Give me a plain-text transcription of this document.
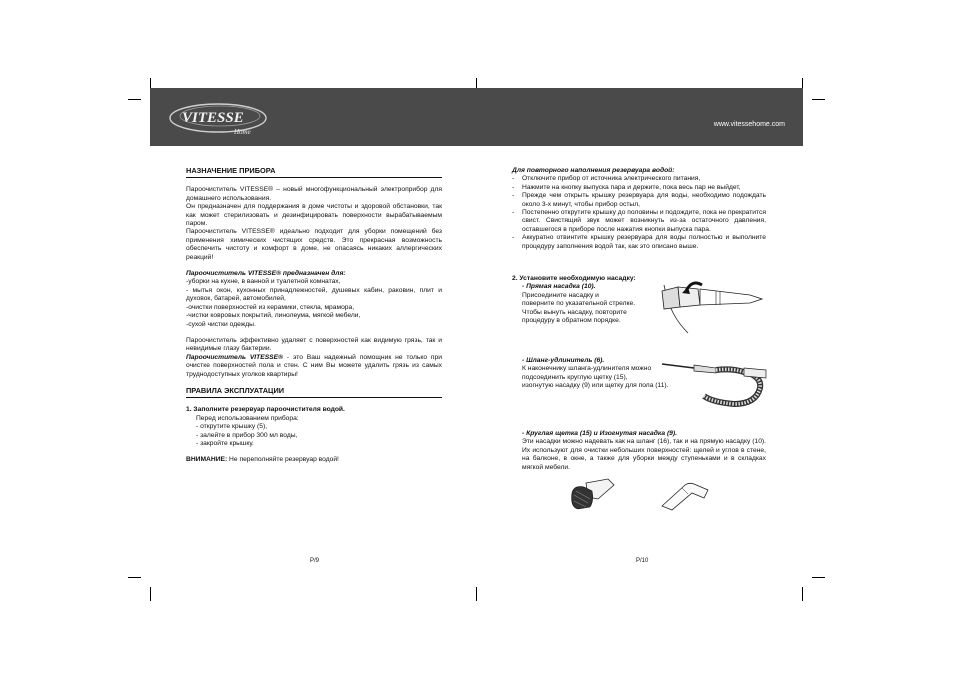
VITESSE
Home
www.vitessehome.com

НАЗНАЧЕНИЕ ПРИБОРА

Пароочиститель VITESSE® – новый многофункциональный электроприбор для домашнего использования.

Он предназначен для поддержания в доме чистоты и здоровой обстановки, так как может стерилизовать и дезинфицировать поверхности вырабатываемым паром.

Пароочиститель VITESSE® идеально подходит для уборки помещений без применения химических чистящих средств. Это прекрасная возможность обеспечить чистоту и комфорт в доме, не опасаясь никаких аллергических реакций!

Пароочиститель VITESSE® предназначен для:

-уборки на кухне, в ванной и туалетной комнатах,

- мытья окон, кухонных принадлежностей, душевых кабин, раковин, плит и духовок, батарей, автомобилей,

-очистки поверхностей из керамики, стекла, мрамора,

-чистки ковровых покрытий, линолеума, мягкой мебели,

-сухой чистки одежды.

Пароочиститель эффективно удаляет с поверхностей как видимую грязь, так и невидимые глазу бактерии.

Пароочиститель VITESSE® - это Ваш надежный помощник не только при очистке поверхностей пола и стен. С ним Вы можете удалить грязь из самых труднодоступных уголков квартиры!

ПРАВИЛА ЭКСПЛУАТАЦИИ

1. Заполните резервуар пароочистителя водой.

Перед использованием прибора:

- открутите крышку (5),

- залейте в прибор 300 мл воды,

- закройте крышку.

ВНИМАНИЕ: Не переполняйте резервуар водой!

P/9

Для повторного наполнения резервуара водой:

- Отключите прибор от источника электрического питания,

- Нажмите на кнопку выпуска пара и держите, пока весь пар не выйдет,

- Прежде чем открыть крышку резервуара для воды, необходимо подождать около 3-х минут, чтобы прибор остыл,

- Постепенно открутите крышку до половины и подождите, пока не прекратится свист. Свистящий звук может возникнуть из-за остаточного давления, оставшегося в приборе после нажатия кнопки выпуска пара.

- Аккуратно отвинтите крышку резервуара для воды полностью и выполните процедуру заполнения водой так, как это описано выше.

2. Установите необходимую насадку:

- Прямая насадка (10).

Присоедините насадку и

поверните по указательной стрелке.

Чтобы вынуть насадку, повторите

процедуру в обратном порядке.

- Шланг-удлинитель (6).

К наконечнику шланга-удлинителя можно

подсоединить круглую щетку (15),

изогнутую насадку (9) или щетку для пола (11).

- Круглая щетка (15) и Изогнутая насадка (9).

Эти насадки можно надевать как на шланг (16), так и на прямую насадку (10). Их используют для очистки небольших поверхностей: щелей и углов в стене, на балконе, в окне, а также для уборки между ступеньками и в складках мягкой мебели.

P/10
